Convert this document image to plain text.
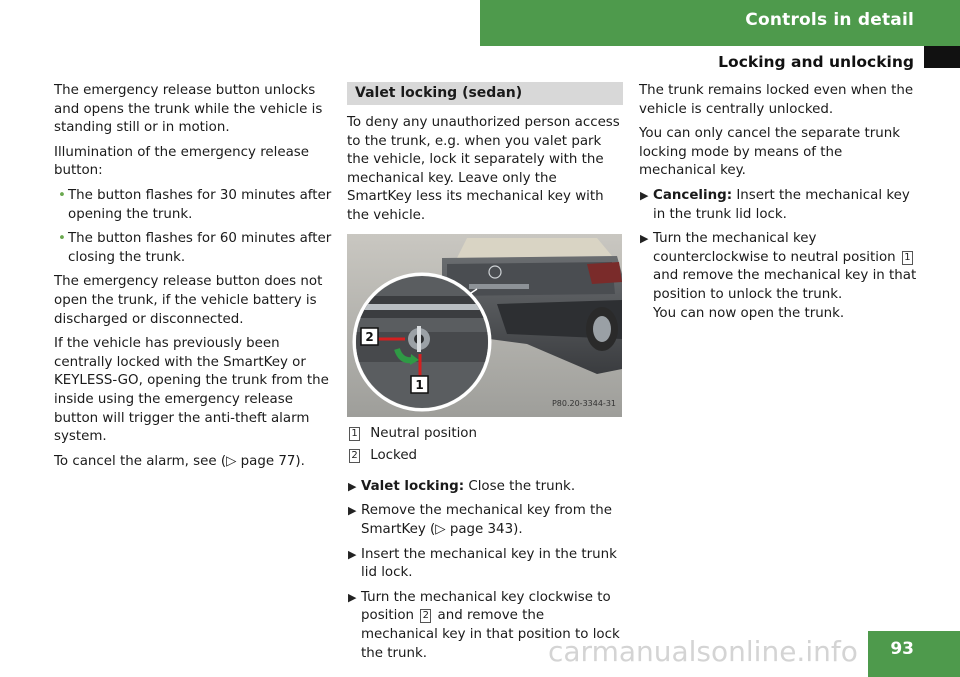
Controls in detail
Locking and unlocking

The emergency release button unlocks and opens the trunk while the vehicle is standing still or in motion.

Illumination of the emergency release button:

• The button flashes for 30 minutes after opening the trunk.
• The button flashes for 60 minutes after closing the trunk.

The emergency release button does not open the trunk, if the vehicle battery is discharged or disconnected.

If the vehicle has previously been centrally locked with the SmartKey or KEYLESS-GO, opening the trunk from the inside using the emergency release button will trigger the anti-theft alarm system.

To cancel the alarm, see (▷ page 77).

Valet locking (sedan)

To deny any unauthorized person access to the trunk, e.g. when you valet park the vehicle, lock it separately with the mechanical key. Leave only the SmartKey less its mechanical key with the vehicle.

2
1
P80.20-3344-31
1 Neutral position
2 Locked
▶ Valet locking: Close the trunk.
▶ Remove the mechanical key from the SmartKey (▷ page 343).
▶ Insert the mechanical key in the trunk lid lock.
▶ Turn the mechanical key clockwise to position 2 and remove the mechanical key in that position to lock the trunk.

The trunk remains locked even when the vehicle is centrally unlocked.

You can only cancel the separate trunk locking mode by means of the mechanical key.

▶ Canceling: Insert the mechanical key in the trunk lid lock.
▶ Turn the mechanical key counterclockwise to neutral position 1 and remove the mechanical key in that position to unlock the trunk.
You can now open the trunk.
carmanualsonline.info 93
